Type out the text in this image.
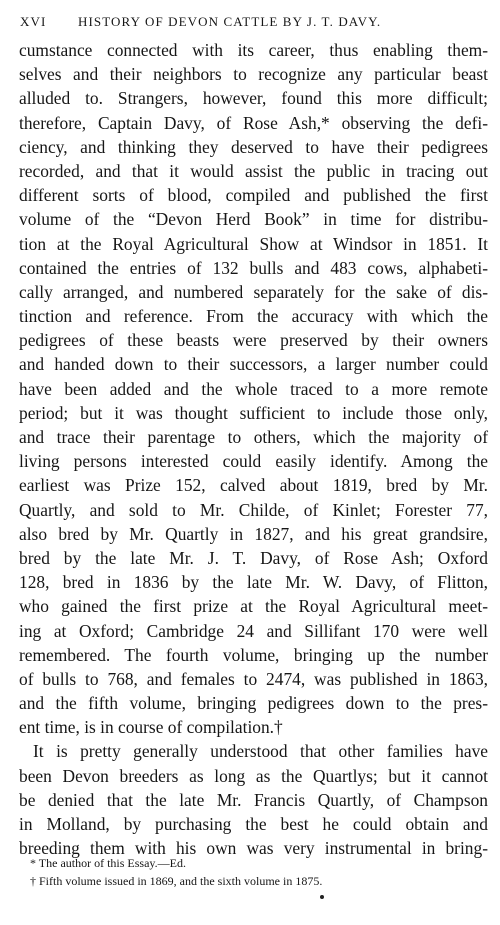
XVI HISTORY OF DEVON CATTLE BY J. T. DAVY.
cumstance connected with its career, thus enabling them-
selves and their neighbors to recognize any particular beast
alluded to. Strangers, however, found this more difficult;
therefore, Captain Davy, of Rose Ash,* observing the defi-
ciency, and thinking they deserved to have their pedigrees
recorded, and that it would assist the public in tracing out
different sorts of blood, compiled and published the first
volume of the “Devon Herd Book” in time for distribu-
tion at the Royal Agricultural Show at Windsor in 1851. It
contained the entries of 132 bulls and 483 cows, alphabeti-
cally arranged, and numbered separately for the sake of dis-
tinction and reference. From the accuracy with which the
pedigrees of these beasts were preserved by their owners
and handed down to their successors, a larger number could
have been added and the whole traced to a more remote
period; but it was thought sufficient to include those only,
and trace their parentage to others, which the majority of
living persons interested could easily identify. Among the
earliest was Prize 152, calved about 1819, bred by Mr.
Quartly, and sold to Mr. Childe, of Kinlet; Forester 77,
also bred by Mr. Quartly in 1827, and his great grandsire,
bred by the late Mr. J. T. Davy, of Rose Ash; Oxford
128, bred in 1836 by the late Mr. W. Davy, of Flitton,
who gained the first prize at the Royal Agricultural meet-
ing at Oxford; Cambridge 24 and Sillifant 170 were well
remembered. The fourth volume, bringing up the number
of bulls to 768, and females to 2474, was published in 1863,
and the fifth volume, bringing pedigrees down to the pres-
ent time, is in course of compilation.†
It is pretty generally understood that other families have
been Devon breeders as long as the Quartlys; but it cannot
be denied that the late Mr. Francis Quartly, of Champson
in Molland, by purchasing the best he could obtain and
breeding them with his own was very instrumental in bring-
* The author of this Essay.—Ed.
† Fifth volume issued in 1869, and the sixth volume in 1875.
